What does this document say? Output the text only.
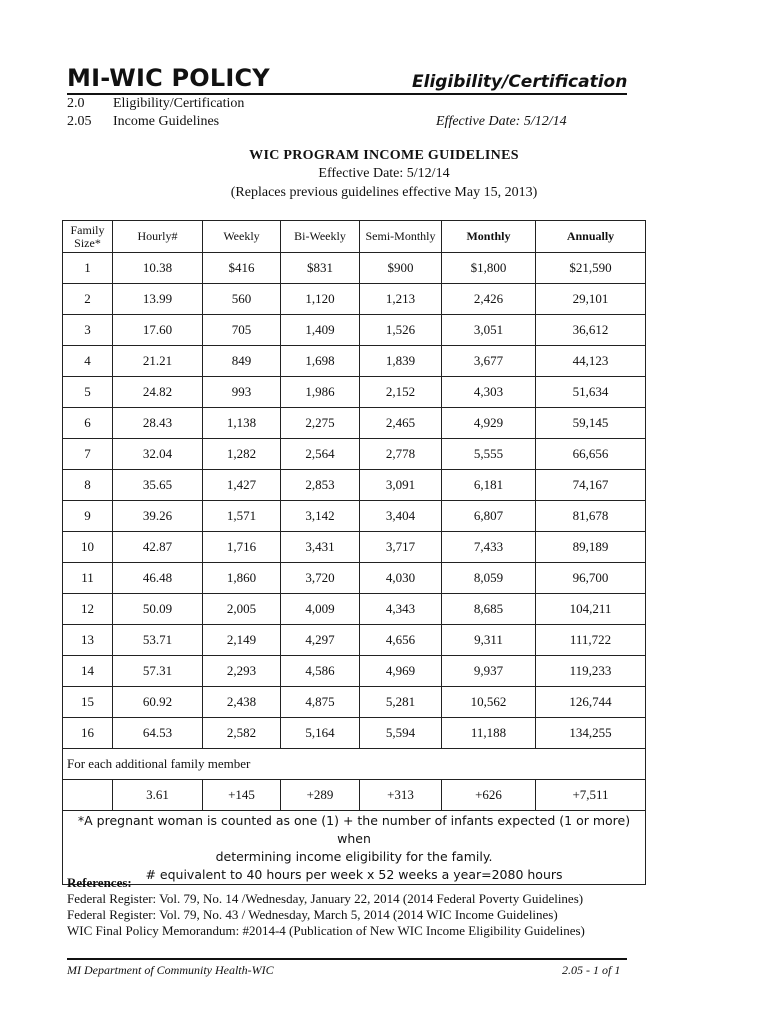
MI-WIC POLICY	Eligibility/Certification
2.0 Eligibility/Certification
2.05 Income Guidelines	Effective Date: 5/12/14
WIC PROGRAM INCOME GUIDELINES
Effective Date: 5/12/14
(Replaces previous guidelines effective May 15, 2013)
Family Size*	Hourly#	Weekly	Bi-Weekly	Semi-Monthly	Monthly	Annually
1	10.38	$416	$831	$900	$1,800	$21,590
2	13.99	560	1,120	1,213	2,426	29,101
3	17.60	705	1,409	1,526	3,051	36,612
4	21.21	849	1,698	1,839	3,677	44,123
5	24.82	993	1,986	2,152	4,303	51,634
6	28.43	1,138	2,275	2,465	4,929	59,145
7	32.04	1,282	2,564	2,778	5,555	66,656
8	35.65	1,427	2,853	3,091	6,181	74,167
9	39.26	1,571	3,142	3,404	6,807	81,678
10	42.87	1,716	3,431	3,717	7,433	89,189
11	46.48	1,860	3,720	4,030	8,059	96,700
12	50.09	2,005	4,009	4,343	8,685	104,211
13	53.71	2,149	4,297	4,656	9,311	111,722
14	57.31	2,293	4,586	4,969	9,937	119,233
15	60.92	2,438	4,875	5,281	10,562	126,744
16	64.53	2,582	5,164	5,594	11,188	134,255
For each additional family member						
	3.61	+145	+289	+313	+626	+7,511

*A pregnant woman is counted as one (1) + the number of infants expected (1 or more) when
determining income eligibility for the family.
# equivalent to 40 hours per week x 52 weeks a year=2080 hours						
References:
Federal Register: Vol. 79, No. 14 /Wednesday, January 22, 2014 (2014 Federal Poverty Guidelines)
Federal Register: Vol. 79, No. 43 / Wednesday, March 5, 2014 (2014 WIC Income Guidelines)
WIC Final Policy Memorandum: #2014-4 (Publication of New WIC Income Eligibility Guidelines)
MI Department of Community Health-WIC	2.05 - 1 of 1
